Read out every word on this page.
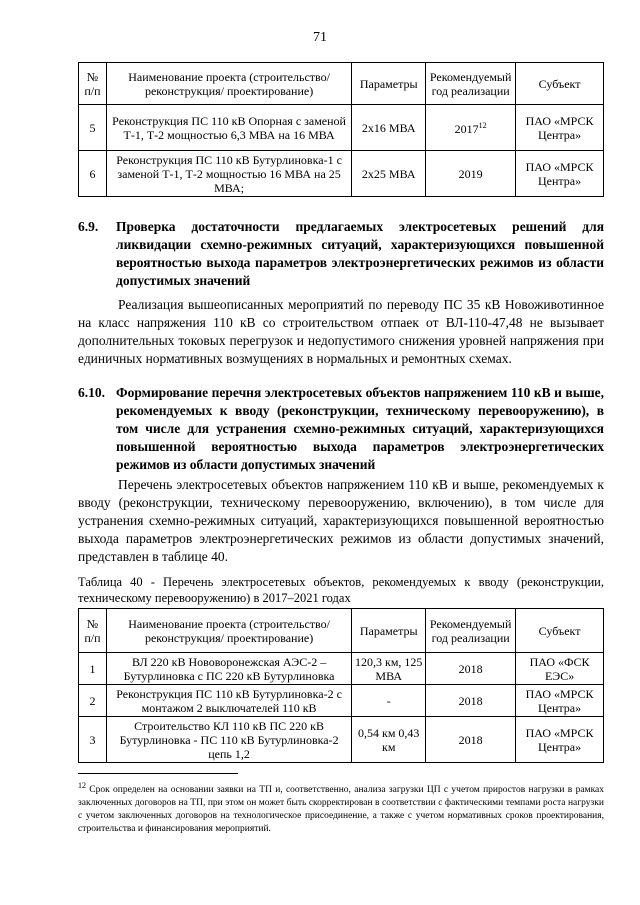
71
№ п/п	Наименование проекта (строительство/реконструкция/ проектирование)	Параметры	Рекомендуемый год реализации	Субъект
5	Реконструкция ПС 110 кВ Опорная с заменой Т-1, Т-2 мощностью 6,3 МВА на 16 МВА	2х16 МВА	2017$^{12}$	ПАО «МРСК Центра»
6	Реконструкция ПС 110 кВ Бутурлиновка-1 с заменой Т-1, Т-2 мощностью 16 МВА на 25 МВА;	2х25 МВА	2019	ПАО «МРСК Центра»
6.9. Проверка достаточности предлагаемых электросетевых решений для ликвидации схемно-режимных ситуаций, характеризующихся повышенной вероятностью выхода параметров электроэнергетических режимов из области допустимых значений
Реализация вышеописанных мероприятий по переводу ПС 35 кВ Новоживотинное на класс напряжения 110 кВ со строительством отпаек от ВЛ-110-47,48 не вызывает дополнительных токовых перегрузок и недопустимого снижения уровней напряжения при единичных нормативных возмущениях в нормальных и ремонтных схемах.
6.10. Формирование перечня электросетевых объектов напряжением 110 кВ и выше, рекомендуемых к вводу (реконструкции, техническому перевооружению), в том числе для устранения схемно-режимных ситуаций, характеризующихся повышенной вероятностью выхода параметров электроэнергетических режимов из области допустимых значений
Перечень электросетевых объектов напряжением 110 кВ и выше, рекомендуемых к вводу (реконструкции, техническому перевооружению, включению), в том числе для устранения схемно-режимных ситуаций, характеризующихся повышенной вероятностью выхода параметров электроэнергетических режимов из области допустимых значений, представлен в таблице 40.
Таблица 40 - Перечень электросетевых объектов, рекомендуемых к вводу (реконструкции, техническому перевооружению) в 2017–2021 годах
№ п/п	Наименование проекта (строительство/реконструкция/ проектирование)	Параметры	Рекомендуемый год реализации	Субъект
1	ВЛ 220 кВ Нововоронежская АЭС-2 – Бутурлиновка с ПС 220 кВ Бутурлиновка	120,3 км, 125 МВА	2018	ПАО «ФСК ЕЭС»
2	Реконструкция ПС 110 кВ Бутурлиновка-2 с монтажом 2 выключателей 110 кВ	-	2018	ПАО «МРСК Центра»
3	Строительство КЛ 110 кВ ПС 220 кВ Бутурлиновка - ПС 110 кВ Бутурлиновка-2 цепь 1,2	0,54 км 0,43 км	2018	ПАО «МРСК Центра»
$^{12}$ Срок определен на основании заявки на ТП и, соответственно, анализа загрузки ЦП с учетом приростов нагрузки в рамках заключенных договоров на ТП, при этом он может быть скорректирован в соответствии с фактическими темпами роста нагрузки с учетом заключенных договоров на технологическое присоединение, а также с учетом нормативных сроков проектирования, строительства и финансирования мероприятий.
